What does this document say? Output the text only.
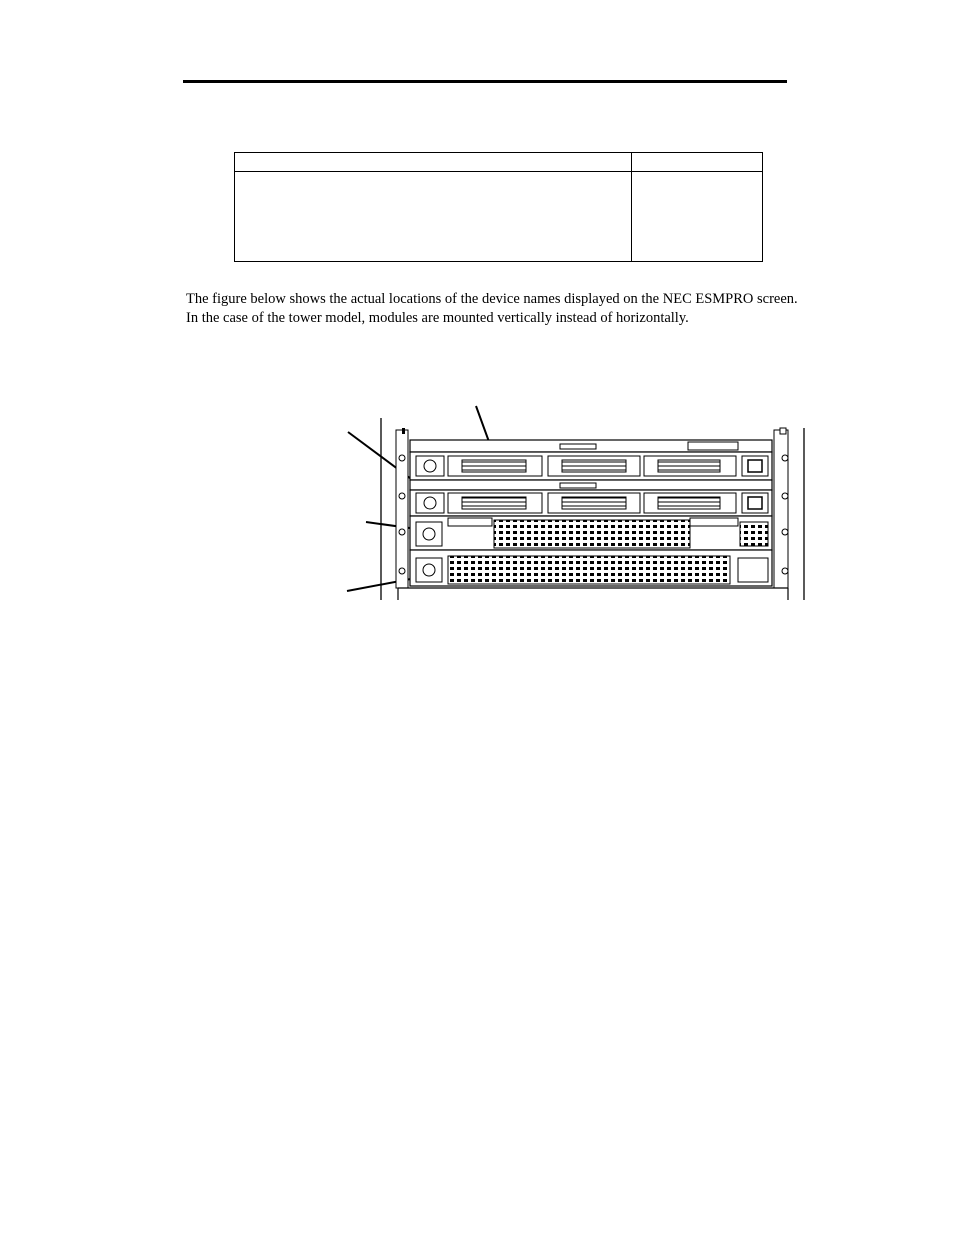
The figure below shows the actual locations of the device names displayed on the NEC ESMPRO screen. In the case of the tower model, modules are mounted vertically instead of horizontally.
